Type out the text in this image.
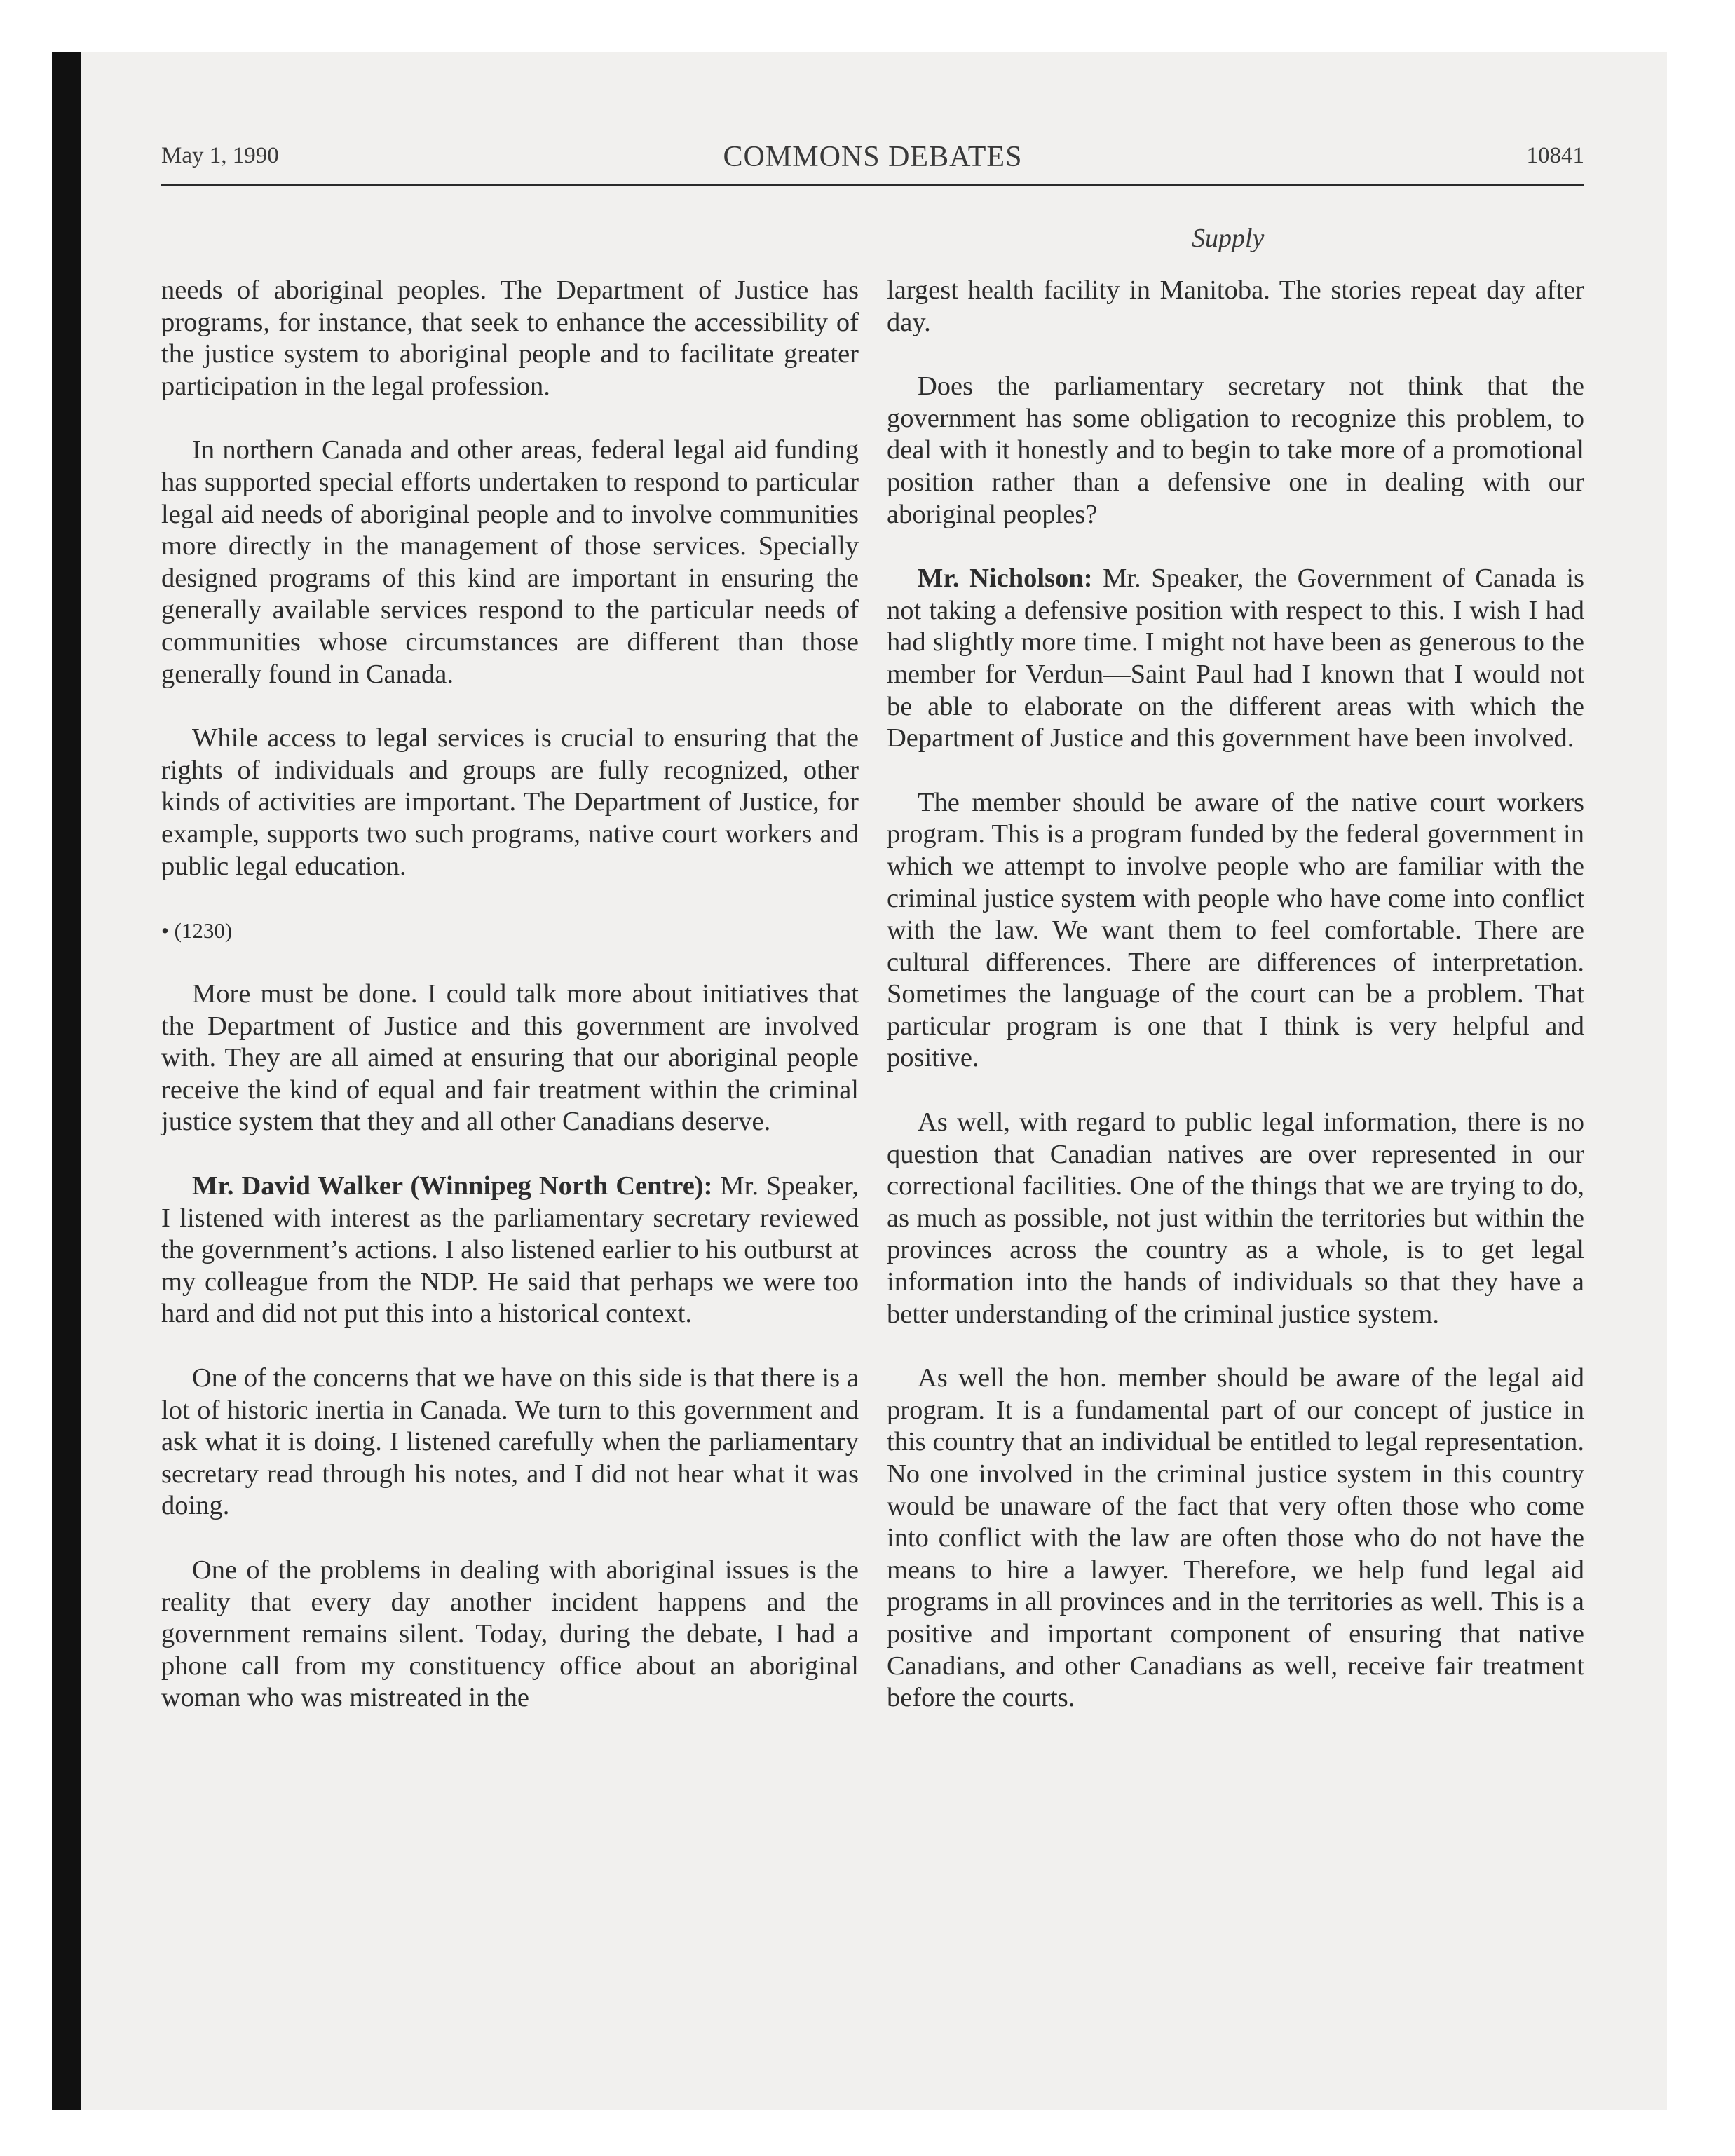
May 1, 1990	COMMONS DEBATES	10841
Supply

needs of aboriginal peoples. The Department of Justice has programs, for instance, that seek to enhance the accessibility of the justice system to aboriginal people and to facilitate greater participation in the legal profession.

In northern Canada and other areas, federal legal aid funding has supported special efforts undertaken to respond to particular legal aid needs of aboriginal people and to involve communities more directly in the management of those services. Specially designed programs of this kind are important in ensuring the generally available services respond to the particular needs of communities whose circumstances are different than those generally found in Canada.

While access to legal services is crucial to ensuring that the rights of individuals and groups are fully recognized, other kinds of activities are important. The Department of Justice, for example, supports two such programs, native court workers and public legal education.

• (1230)

More must be done. I could talk more about initiatives that the Department of Justice and this government are involved with. They are all aimed at ensuring that our aboriginal people receive the kind of equal and fair treatment within the criminal justice system that they and all other Canadians deserve.

Mr. David Walker (Winnipeg North Centre): Mr. Speaker, I listened with interest as the parliamentary secretary reviewed the government’s actions. I also listened earlier to his outburst at my colleague from the NDP. He said that perhaps we were too hard and did not put this into a historical context.

One of the concerns that we have on this side is that there is a lot of historic inertia in Canada. We turn to this government and ask what it is doing. I listened carefully when the parliamentary secretary read through his notes, and I did not hear what it was doing.

One of the problems in dealing with aboriginal issues is the reality that every day another incident happens and the government remains silent. Today, during the debate, I had a phone call from my constituency office about an aboriginal woman who was mistreated in the

largest health facility in Manitoba. The stories repeat day after day.

Does the parliamentary secretary not think that the government has some obligation to recognize this problem, to deal with it honestly and to begin to take more of a promotional position rather than a defensive one in dealing with our aboriginal peoples?

Mr. Nicholson: Mr. Speaker, the Government of Canada is not taking a defensive position with respect to this. I wish I had had slightly more time. I might not have been as generous to the member for Verdun—Saint Paul had I known that I would not be able to elaborate on the different areas with which the Department of Justice and this government have been involved.

The member should be aware of the native court workers program. This is a program funded by the federal government in which we attempt to involve people who are familiar with the criminal justice system with people who have come into conflict with the law. We want them to feel comfortable. There are cultural differences. There are differences of interpretation. Sometimes the language of the court can be a problem. That particular program is one that I think is very helpful and positive.

As well, with regard to public legal information, there is no question that Canadian natives are over represented in our correctional facilities. One of the things that we are trying to do, as much as possible, not just within the territories but within the provinces across the country as a whole, is to get legal information into the hands of individuals so that they have a better understanding of the criminal justice system.

As well the hon. member should be aware of the legal aid program. It is a fundamental part of our concept of justice in this country that an individual be entitled to legal representation. No one involved in the criminal justice system in this country would be unaware of the fact that very often those who come into conflict with the law are often those who do not have the means to hire a lawyer. Therefore, we help fund legal aid programs in all provinces and in the territories as well. This is a positive and important component of ensuring that native Canadians, and other Canadians as well, receive fair treatment before the courts.
